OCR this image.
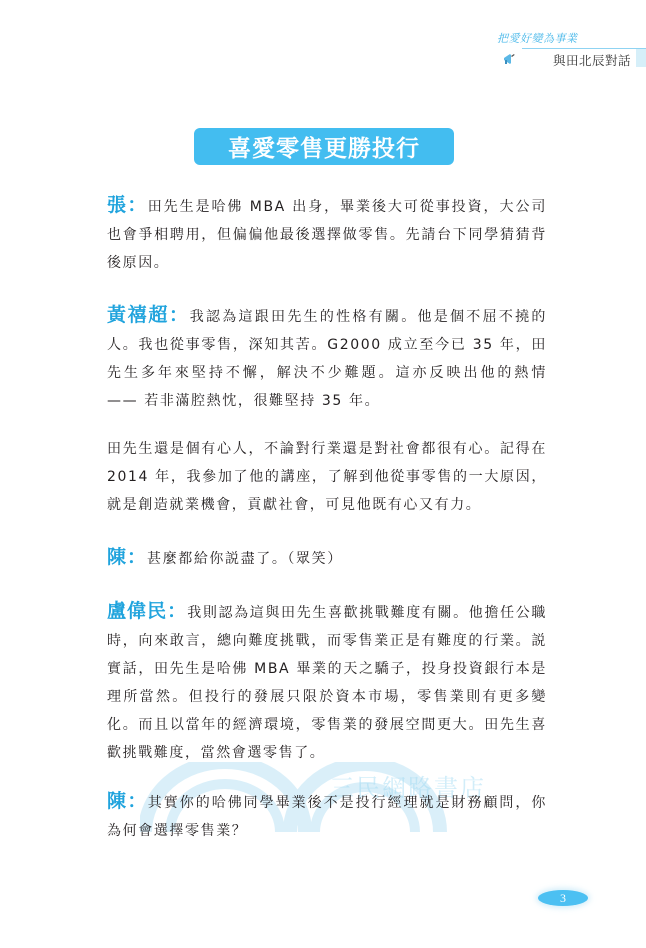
把愛好變為事業
與田北辰對話
喜愛零售更勝投行
三民網路書店

張：田先生是哈佛 MBA 出身，畢業後大可從事投資，大公司也會爭相聘用，但偏偏他最後選擇做零售。先請台下同學猜猜背後原因。

黃禧超：我認為這跟田先生的性格有關。他是個不屈不撓的人。我也從事零售，深知其苦。G2000 成立至今已 35 年，田先生多年來堅持不懈，解決不少難題。這亦反映出他的熱情 —— 若非滿腔熱忱，很難堅持 35 年。

田先生還是個有心人，不論對行業還是對社會都很有心。記得在 2014 年，我參加了他的講座，了解到他從事零售的一大原因，就是創造就業機會，貢獻社會，可見他既有心又有力。

陳：甚麼都給你説盡了。（眾笑）

盧偉民：我則認為這與田先生喜歡挑戰難度有關。他擔任公職時，向來敢言，總向難度挑戰，而零售業正是有難度的行業。説實話，田先生是哈佛 MBA 畢業的天之驕子，投身投資銀行本是理所當然。但投行的發展只限於資本市場，零售業則有更多變化。而且以當年的經濟環境，零售業的發展空間更大。田先生喜歡挑戰難度，當然會選零售了。

陳：其實你的哈佛同學畢業後不是投行經理就是財務顧問，你為何會選擇零售業？

3
